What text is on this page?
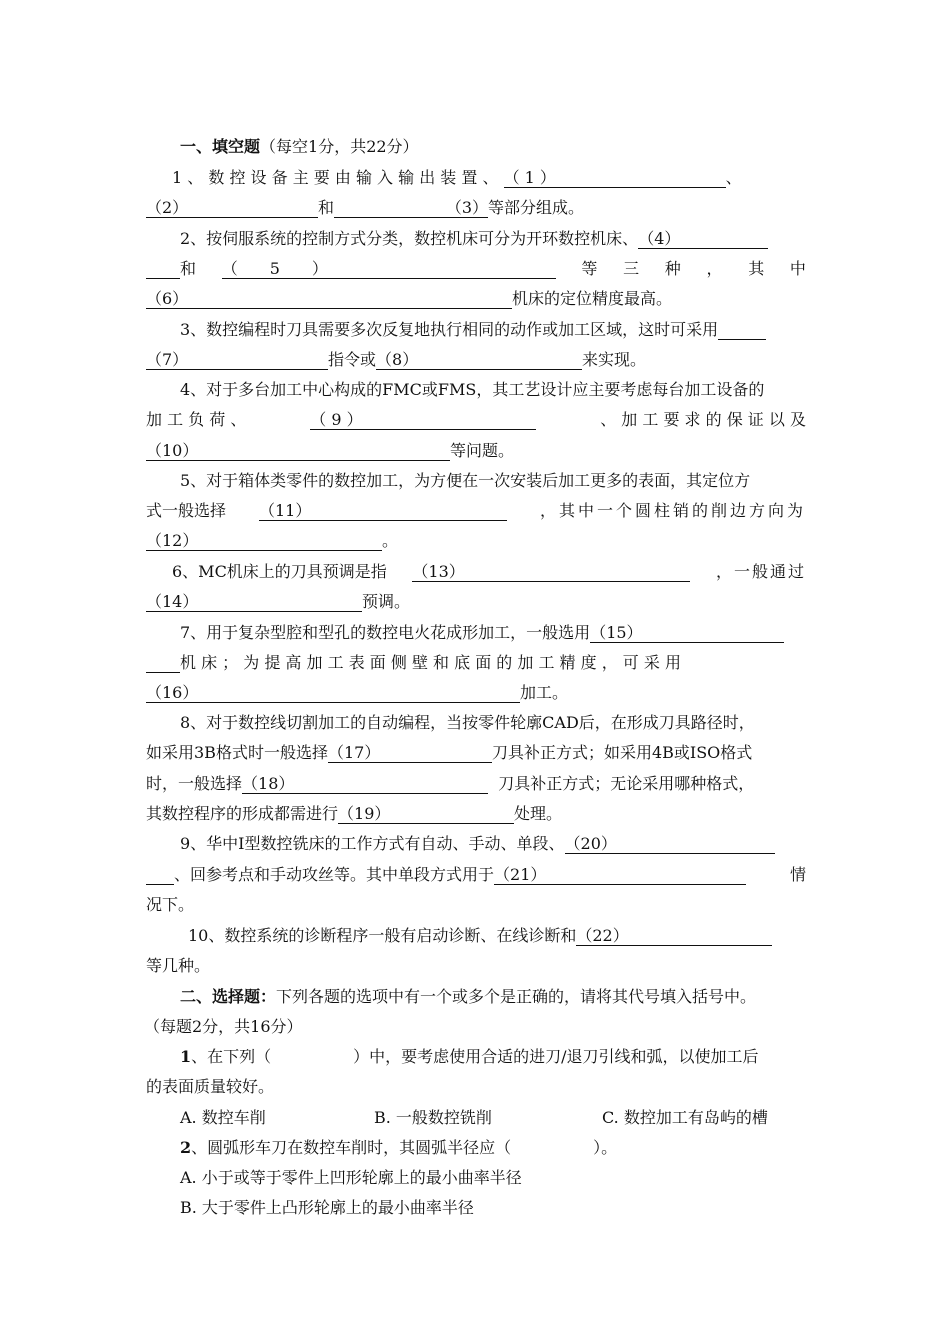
一、填空题（每空1分，共22分）
1 、 数 控 设 备 主 要 由 输 入 输 出 装 置 、 （ 1 ）	、
（2）	和	（3）等部分组成。
2、按伺服系统的控制方式分类，数控机床可分为开环数控机床、（4）
和 （　　5　　）	等 三 种 ， 其 中
（6）	机床的定位精度最高。
3、数控编程时刀具需要多次反复地执行相同的动作或加工区域，这时可采用
（7）	指令或（8）	来实现。
4、对于多台加工中心构成的FMC或FMS，其工艺设计应主要考虑每台加工设备的
加 工 负 荷 、	（ 9 ）	、 加 工 要 求 的 保 证 以 及
（10）	等问题。
5、对于箱体类零件的数控加工，为方便在一次安装后加工更多的表面，其定位方
式一般选择 （11）	，其中一个圆柱销的削边方向为
（12）	。
6、MC机床上的刀具预调是指 （13）	，一般通过
（14）	预调。
7、用于复杂型腔和型孔的数控电火花成形加工，一般选用（15）
机 床 ； 为 提 高 加 工 表 面 侧 壁 和 底 面 的 加 工 精 度 ， 可 采 用
（16）	加工。
8、对于数控线切割加工的自动编程，当按零件轮廓CAD后，在形成刀具路径时，
如采用3B格式时一般选择（17）	刀具补正方式；如采用4B或ISO格式
时，一般选择（18）	刀具补正方式；无论采用哪种格式，
其数控程序的形成都需进行（19）	处理。
9、华中Ⅰ型数控铣床的工作方式有自动、手动、单段、（20）
、回参考点和手动攻丝等。其中单段方式用于（21）	情
况下。
10、数控系统的诊断程序一般有启动诊断、在线诊断和（22）
等几种。
二、选择题：下列各题的选项中有一个或多个是正确的，请将其代号填入括号中。
（每题2分，共16分）
1、在下列（	）中，要考虑使用合适的进刀/退刀引线和弧，以使加工后
的表面质量较好。
A. 数控车削	B. 一般数控铣削	C. 数控加工有岛屿的槽
2、圆弧形车刀在数控车削时，其圆弧半径应（	）。
A. 小于或等于零件上凹形轮廓上的最小曲率半径
B. 大于零件上凸形轮廓上的最小曲率半径
